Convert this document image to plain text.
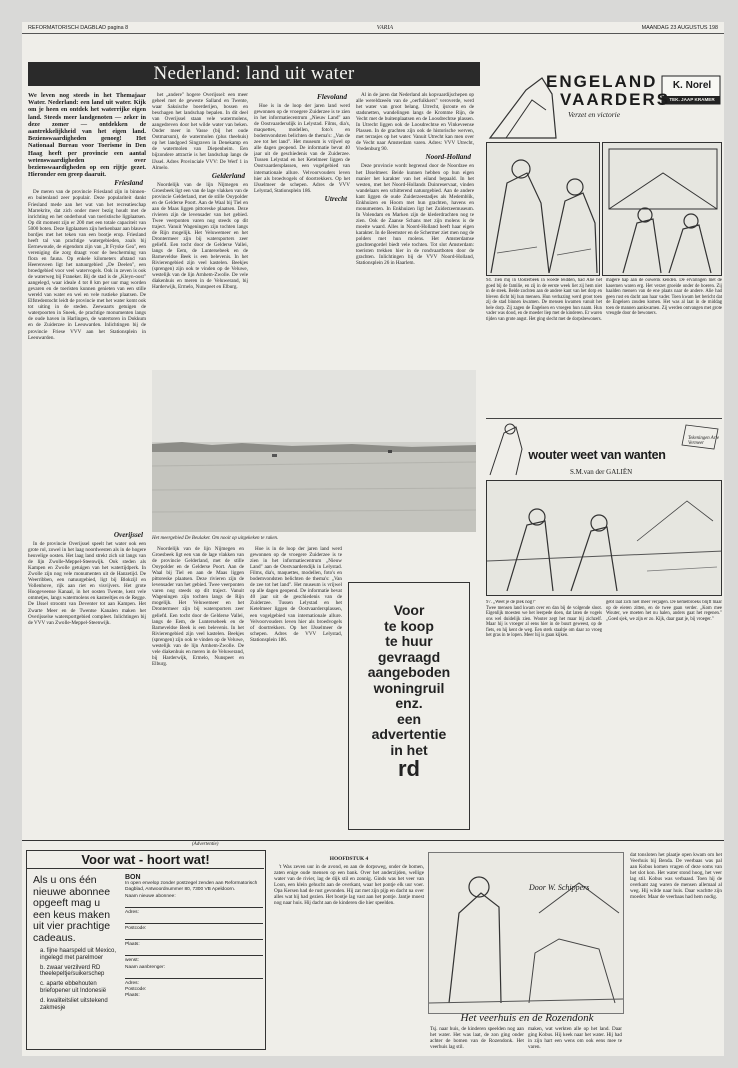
REFORMATORISCH DAGBLAD pagina 8	VARIA	MAANDAG 23 AUGUSTUS 198
Nederland: land uit water

We leven nog steeds in het Themajaar Water. Nederland: een land uit water. Kijk om je heen en ontdek het waterrijke eigen land. Steeds meer landgenoten — zeker in deze zomer — ontdekken de aantrekkelijkheid van het eigen land. Bezienswaardigheden genoeg! Het Nationaal Bureau voor Toerisme in Den Haag heeft per provincie een aantal wetenswaardigheden over bezienswaardigheden op een rijtje gezet. Hieronder een greep daaruit.

Friesland

De meren van de provincie Friesland zijn in binnen- en buitenland zeer populair. Deze populariteit dankt Friesland mede aan het wat van het recreatieschap Marrekrite, dat zich onder meer bezig houdt met de inrichting en het onderhoud van toeristische ligplaatsen. Op dit moment zijn er 200 met een totale capaciteit van 5000 boten. Deze ligplaatsen zijn herkenbaar aan blauwe bordjes met het teken van een bootje erop. Friesland heeft tal van prachtige watergebieden, zoals bij Eernewoude, de eigendom zijn van „It Fryske Gea", een vereniging die zorg draagt voor de bescherming van flora en fauna. Op enkele kilometers afstand van Heerenveen ligt het natuurgebied „De Deelen", een broedgebied voor veel watervogels. Ook in zeven is ook de waterweg bij Franeker. Bij de stad is de „Kleyn-oost" aangelegd, waar ideale 4 tot 8 km per uur mag worden gevaren en de toeristen kunnen genieten van een stille wereld van water en wei en vele rustieke plaatsen. De Elfstedentocht leidt de provincie met het water komt ook tot uiting in de steden. Zeewaarts getuigen de waterpoorten in Sneek, de prachtige monumenten langs de oude haven in Harlingen, de watertoren in Dokkum en de Zuiderzee in Leeuwarden. Inlichtingen bij de provincie Friese VVV aan het Stationsplein in Leeuwarden.

Overijssel

In de provincie Overijssel speelt het water ook een grote rol, zowel in het laag noordwesten als in de hogere heuvelige oosten. Het laag land strekt zich uit langs van de lijn Zwolle-Meppel-Steenwijk. Ook steden als Kampen en Zwolle getuigen van het watertijdperk. In Zwolle zijn nog vele monumenten uit de Hanzetijd. De Weerribben, een natuurgebied, ligt bij Blokzijl en Vollenhove, rijk aan riet en visvijvers. Het grote Hoogeveense Kanaal, in het oosten Twente, kent vele ommetjes, langs watermolens en kasteeltjes en de Regge. De IJssel stroomt van Deventer tot aan Kampen. Het Zwarte Meer en de Twentse Kanalen maken het Overijsselse watersportgebied compleet. Inlichtingen bij de VVV van Zwolle-Meppel-Steenwijk.

het „andere" hogere Overijssel: een meer geheel met de geweste Salland en Twente, waar Saksische boerderijen, bossen en beschagen het landschap bepalen. In dit deel van Overijssel staan vele watermolens, aangedreven door het wilde water van beken. Onder meer in Vasse (bij het oude Ootmarsum), de watermolen (plus theehuis) op het landgoed Singraven in Denekamp en de watermolen van Diepenheim. Een bijzondere attractie is het landschap langs de IJssel. Adres Provinciale VVV: De Werf 1 in Almelo.

Gelderland

Noordelijk van de lijn Nijmegen en Groesbeek ligt een van de lage vlakken van de provincie Gelderland, met de stille Ooypolder en de Gelderse Poort. Aan de Waal bij Tiel en aan de Maas liggen pittoreske plaatsen. Deze rivieren zijn de levensader van het gebied. Twee veerponten varen nog steeds op dit traject. Vanuit Wageningen zijn tochten langs de Rijn mogelijk. Het Veluwemeer en het Drontermeer zijn bij watersporters zeer geliefd. Een tocht door de Gelderse Vallei, langs de Eem, de Luntersebeek en de Barneveldse Beek is een belevenis. In het Rivierengebied zijn veel kastelen. Beekjes (sprengen) zijn ook te vinden op de Veluwe, westelijk van de lijn Arnhem-Zwolle. De vele diakenhuis en meren in de Veluwerand, bij Harderwijk, Ermelo, Nunspeet en Elburg.

Flevoland

Hoe is in de loop der jaren land werd gewonnen op de vroegere Zuiderzee is te zien in het informatiecentrum „Nieuw Land" aan de Oostvaardersdijk in Lelystad. Films, dia's, maquettes, modellen, foto's en bodemvondsten belichten de thema's: „Van de zee tot het land". Het museum is vrijwel op alle dagen geopend. De informatie bevat 40 jaar uit de geschiedenis van de Zuiderzee. Tussen Lelystad en het Ketelmeer liggen de Oostvaardersplassen, een vogelgebied van internationale allure. Velvoorvouders leven hier als broedvogels of doortrekkers. Op het IJsselmeer de schepen. Adres de VVV Lelystad, Stationsplein 186.

Utrecht

Al in de jaren dat Nederland als kopvaardijschepen op alle wereldzeeën van de „oerfuikkers" veroverde, werd het water van groot belang. Utrecht, ijsroute en de stadsnetten, wandelingen langs de Kromme Rijn, de Vecht met de buitenplaatsen en de Loosdrechtse plassen. In Utrecht liggen ook de Loosdrechtse en Vinkeveense Plassen. In de grachten zijn ook de historische werven, met terrasjes op het water. Vanuit Utrecht kan men over de Vecht naar Amsterdam varen. Adres: VVV Utrecht, Vredenburg 90.

Noord-Holland

Deze provincie wordt begrensd door de Noordzee en het IJsselmeer. Beide kunnen hebben op hun eigen manier het karakter van het eiland bepaald. In het westen, met het Noord-Hollands Duinreservaat, vinden wandelaars een schitterend natuurgebied. Aan de andere kant liggen de oude Zuiderzeestadjes als Medemblik, Enkhuizen en Hoorn met hun grachten, havens en monumenten. In Enkhuizen ligt het Zuiderzeemuseum. In Volendam en Marken zijn de klederdrachten nog te zien. Ook de Zaanse Schans met zijn molens is de moeite waard. Alles in Noord-Holland heeft haar eigen karakter. In de Beemster en de Schermer ziet men nog de polders met hun molens. Het Amsterdamse grachtengordel biedt vele tochten. Tot slot Amsterdam: toeristen trekken hier in de rondvaartboten door de grachten. Inlichtingen bij de VVV Noord-Holland, Stationsplein 26 in Haarlem.

Het meergebied De Beulaker. Om nooit op uitgekeken te raken.

Noordelijk van de lijn Nijmegen en Groesbeek ligt een van de lage vlakken van de provincie Gelderland, met de stille Ooypolder en de Gelderse Poort. Aan de Waal bij Tiel en aan de Maas liggen pittoreske plaatsen. Deze rivieren zijn de levensader van het gebied. Twee veerponten varen nog steeds op dit traject. Vanuit Wageningen zijn tochten langs de Rijn mogelijk. Het Veluwemeer en het Drontermeer zijn bij watersporters zeer geliefd. Een tocht door de Gelderse Vallei, langs de Eem, de Luntersebeek en de Barneveldse Beek is een belevenis. In het Rivierengebied zijn veel kastelen. Beekjes (sprengen) zijn ook te vinden op de Veluwe, westelijk van de lijn Arnhem-Zwolle. De vele diakenhuis en meren in de Veluwerand, bij Harderwijk, Ermelo, Nunspeet en Elburg.

Hoe is in de loop der jaren land werd gewonnen op de vroegere Zuiderzee is te zien in het informatiecentrum „Nieuw Land" aan de Oostvaardersdijk in Lelystad. Films, dia's, maquettes, modellen, foto's en bodemvondsten belichten de thema's: „Van de zee tot het land". Het museum is vrijwel op alle dagen geopend. De informatie bevat 40 jaar uit de geschiedenis van de Zuiderzee. Tussen Lelystad en het Ketelmeer liggen de Oostvaardersplassen, een vogelgebied van internationale allure. Velvoorvouders leven hier als broedvogels of doortrekkers. Op het IJsselmeer de schepen. Adres de VVV Lelystad, Stationsplein 186.

Voor
te koop
te huur
gevraagd
aangeboden
woningruil
enz.
een
advertentie
in het
rd
ENGELAND
VAARDERS
Verzet en victorie
K. Norel
TEK. JAAP KRAMER
94. Tien mij in Oosterbeek in woede leidden, had Alie het goed bij de familie, en zij in de eerste week liet zij hem niet in de steek. Beide zochten aan de andere kant van het dorp en bleven dicht bij hun mensen. Hun verbazing werd groot toen zij de stad binnen kwamen. De mensen kwamen vanuit het hele dorp. Zij zagen de Engelsen en vroegen hun naam. Hun vader was dood, en de moeder liep met de kinderen. Er waren tijden van grote angst. Het ging slecht met de dorpsbewoners.
magere hap aan de ouwerik kenden. De ervaringen met de kasernen waren erg. Het verzet groeide onder de boeren. Zij haalden mensen van de ene plaats naar de andere. Alie had geen rust en dacht aan haar vader. Toen kwam het bericht dat de Engelsen zouden komen. Het was al laat in de middag toen de mannen aankwamen. Zij werden ontvangen met grote vreugde door de bewoners.
wouter weet van wanten
S.M.van der GALIËN
Tekeningen Arie Vermeer
97. „Weet je de plek nog?"
Twee mensen land kwam over en dan bij de volgende sloot. Eigenlijk moesten we het leerpede doen, dat laten de vogels ons wel duidelijk zien. Wouter zegt het maar bij zichzelf. Maar hij is vroeger al eens hier in de buurt geweest, op de fiets, en hij kent de weg. Een sterk staaltje om daar zo vroeg het gras in te lopen. Meer hij is gaan kijken.
gebt laat zich niet meer verjagen. De kemelbroeks blijft maar op de eieren zitten, en de twee gaan verder. „Kom mee Wouter, we moeten het nu halen, anders gaat het regenen." „Goed sjek, we zijn er zo. Kijk, daar gaat je, bij vroeger."
(Advertentie)
Voor wat - hoort wat!
Als u ons één nieuwe abonnee opgeeft mag u een keus maken uit vier prachtige cadeaus.
a. fijne haarspeld uit Mexico, ingelegd met parelmoer
b. zwaar verzilverd RD theelepeltje/suikerschep
c. aparte ebbehouten briefopener uit Indonesië
d. kwaliteitsliet uitstekend zakmesje
BON
In open envelop zonder postzegel zenden aan Reformatorisch Dagblad, Antwoordnummer 80, 7300 VB Apeldoorn.
Naam nieuwe abonnee:
Adres:
Postcode:
Plaats:
wenst:
Naam aanbrenger:
Adres:
Postcode:
Plaats:
HOOFDSTUK 4

't Was zeven uur in de avond, en aan de dorpsweg, onder de bomen, zaten enige oude mensen op een bank. Over het anderzijden, wellige water van de rivier, lag de dijk stil en zonnig. Ginds was het veer van Loon, een klein gehucht aan de overkant, waar het pontje elk uur voer. Opa Kersen had de rust gevonden. Hij zat met zijn pijp en dacht na over alles wat hij had gezien. Het bootje lag vast aan het pontje. Jantje moest nog naar huis. Hij dacht aan de kinderen die hier speelden.

Door W. Schippers
Het veerhuis en de Rozendonk
Tsj. naar huis, de kinderen speelden nog aan het water. Het was laat, de zon ging onder achter de bomen van de Rozendonk. Het veerhuis lag stil.
maken, wat werkten alle op het land. Daar ging Kobus. Hij keek naar het water. Hij had in zijn hart een wens om ook eens mee te varen.
dat tonsloten het plaatje open kwam om het Veerhuis bij Benda. De veerbaas was pal aan Kobus komen vragen of deze soms van het slot kon. Het water stond hoog, het veer lag stil. Kobus was verbaasd. Toen hij de overkant zag waren de mensen allemaal al weg. Hij wilde naar huis. Daar wachtte zijn moeder. Maar de veerbaas had hem nodig.
